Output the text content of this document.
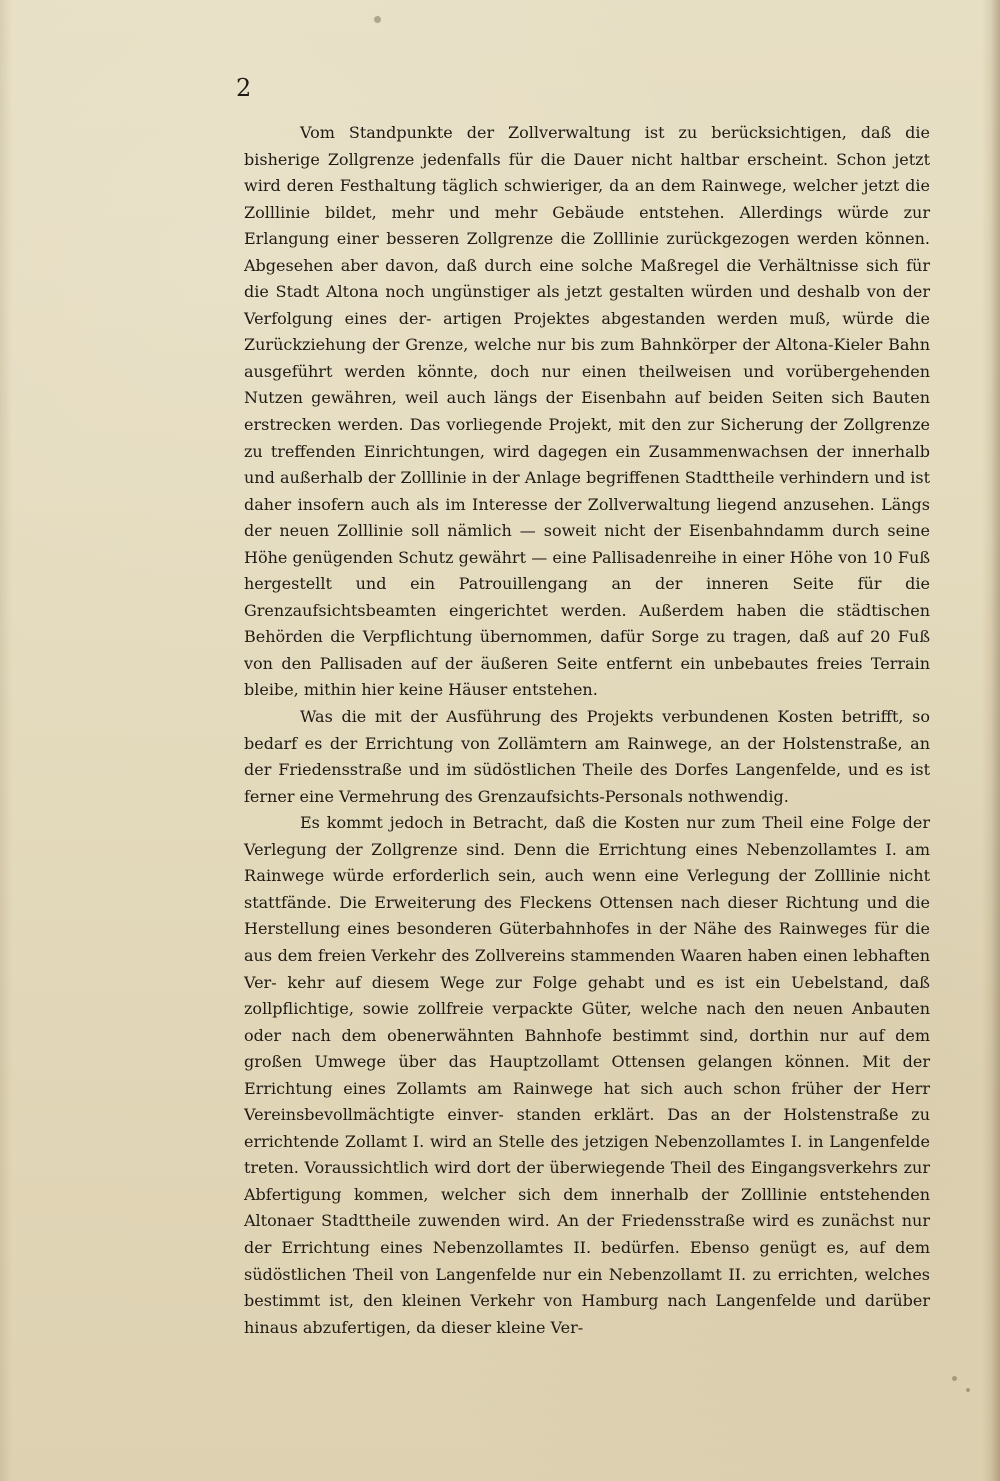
2

Vom Standpunkte der Zollverwaltung ist zu berücksichtigen, daß die bisherige Zollgrenze jedenfalls für die Dauer nicht haltbar erscheint. Schon jetzt wird deren Festhaltung täglich schwieriger, da an dem Rainwege, welcher jetzt die Zolllinie bildet, mehr und mehr Gebäude entstehen. Allerdings würde zur Erlangung einer besseren Zollgrenze die Zolllinie zurückgezogen werden können. Abgesehen aber davon, daß durch eine solche Maßregel die Verhältnisse sich für die Stadt Altona noch ungünstiger als jetzt gestalten würden und deshalb von der Verfolgung eines der- artigen Projektes abgestanden werden muß, würde die Zurückziehung der Grenze, welche nur bis zum Bahnkörper der Altona-Kieler Bahn ausgeführt werden könnte, doch nur einen theilweisen und vorübergehenden Nutzen gewähren, weil auch längs der Eisenbahn auf beiden Seiten sich Bauten erstrecken werden. Das vorliegende Projekt, mit den zur Sicherung der Zollgrenze zu treffenden Einrichtungen, wird dagegen ein Zusammenwachsen der innerhalb und außerhalb der Zolllinie in der Anlage begriffenen Stadttheile verhindern und ist daher insofern auch als im Interesse der Zollverwaltung liegend anzusehen. Längs der neuen Zolllinie soll nämlich — soweit nicht der Eisenbahndamm durch seine Höhe genügenden Schutz gewährt — eine Pallisadenreihe in einer Höhe von 10 Fuß hergestellt und ein Patrouillengang an der inneren Seite für die Grenzaufsichtsbeamten eingerichtet werden. Außerdem haben die städtischen Behörden die Verpflichtung übernommen, dafür Sorge zu tragen, daß auf 20 Fuß von den Pallisaden auf der äußeren Seite entfernt ein unbebautes freies Terrain bleibe, mithin hier keine Häuser entstehen.

Was die mit der Ausführung des Projekts verbundenen Kosten betrifft, so bedarf es der Errichtung von Zollämtern am Rainwege, an der Holstenstraße, an der Friedensstraße und im südöstlichen Theile des Dorfes Langenfelde, und es ist ferner eine Vermehrung des Grenzaufsichts-Personals nothwendig.

Es kommt jedoch in Betracht, daß die Kosten nur zum Theil eine Folge der Verlegung der Zollgrenze sind. Denn die Errichtung eines Nebenzollamtes I. am Rainwege würde erforderlich sein, auch wenn eine Verlegung der Zolllinie nicht stattfände. Die Erweiterung des Fleckens Ottensen nach dieser Richtung und die Herstellung eines besonderen Güterbahnhofes in der Nähe des Rainweges für die aus dem freien Verkehr des Zollvereins stammenden Waaren haben einen lebhaften Ver- kehr auf diesem Wege zur Folge gehabt und es ist ein Uebelstand, daß zollpflichtige, sowie zollfreie verpackte Güter, welche nach den neuen Anbauten oder nach dem obenerwähnten Bahnhofe bestimmt sind, dorthin nur auf dem großen Umwege über das Hauptzollamt Ottensen gelangen können. Mit der Errichtung eines Zollamts am Rainwege hat sich auch schon früher der Herr Vereinsbevollmächtigte einver- standen erklärt. Das an der Holstenstraße zu errichtende Zollamt I. wird an Stelle des jetzigen Nebenzollamtes I. in Langenfelde treten. Voraussichtlich wird dort der überwiegende Theil des Eingangsverkehrs zur Abfertigung kommen, welcher sich dem innerhalb der Zolllinie entstehenden Altonaer Stadttheile zuwenden wird. An der Friedensstraße wird es zunächst nur der Errichtung eines Nebenzollamtes II. bedürfen. Ebenso genügt es, auf dem südöstlichen Theil von Langenfelde nur ein Nebenzollamt II. zu errichten, welches bestimmt ist, den kleinen Verkehr von Hamburg nach Langenfelde und darüber hinaus abzufertigen, da dieser kleine Ver-
